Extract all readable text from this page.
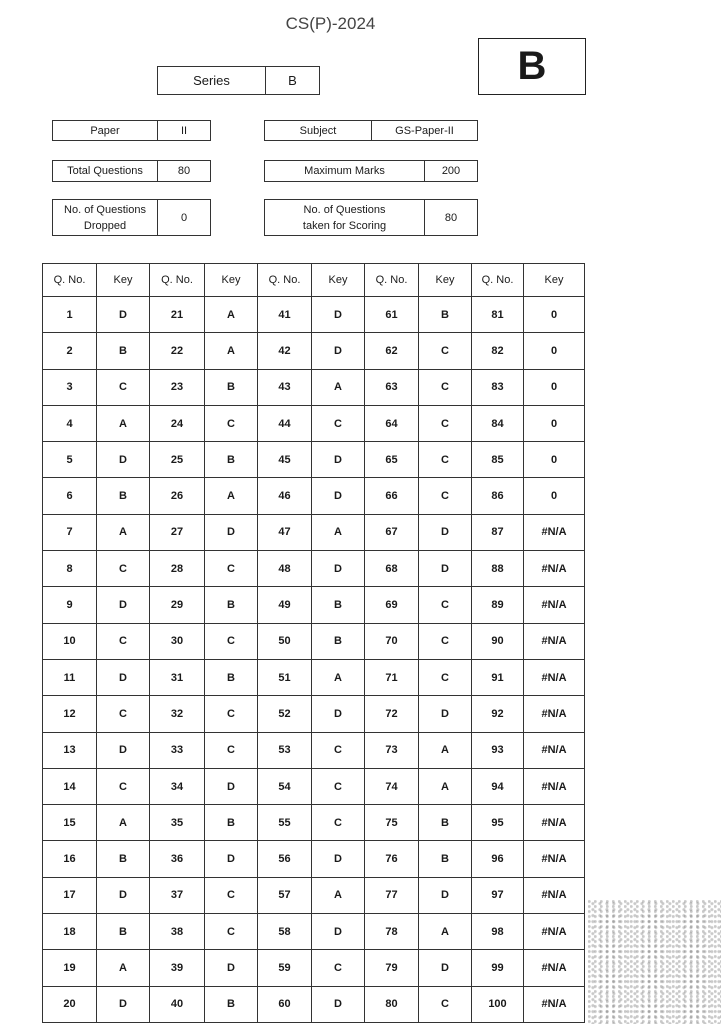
CS(P)-2024
Series	B	B
Paper	II	Subject	GS-Paper-II
Total Questions	80	Maximum Marks	200
No. of Questions Dropped
0
No. of Questions taken for Scoring
80
Q. No.	Key	Q. No.	Key	Q. No.	Key	Q. No.	Key	Q. No.	Key
1	D	21	A	41	D	61	B	81	0
2	B	22	A	42	D	62	C	82	0
3	C	23	B	43	A	63	C	83	0
4	A	24	C	44	C	64	C	84	0
5	D	25	B	45	D	65	C	85	0
6	B	26	A	46	D	66	C	86	0
7	A	27	D	47	A	67	D	87	#N/A
8	C	28	C	48	D	68	D	88	#N/A
9	D	29	B	49	B	69	C	89	#N/A
10	C	30	C	50	B	70	C	90	#N/A
11	D	31	B	51	A	71	C	91	#N/A
12	C	32	C	52	D	72	D	92	#N/A
13	D	33	C	53	C	73	A	93	#N/A
14	C	34	D	54	C	74	A	94	#N/A
15	A	35	B	55	C	75	B	95	#N/A
16	B	36	D	56	D	76	B	96	#N/A
17	D	37	C	57	A	77	D	97	#N/A
18	B	38	C	58	D	78	A	98	#N/A
19	A	39	D	59	C	79	D	99	#N/A
20	D	40	B	60	D	80	C	100	#N/A
